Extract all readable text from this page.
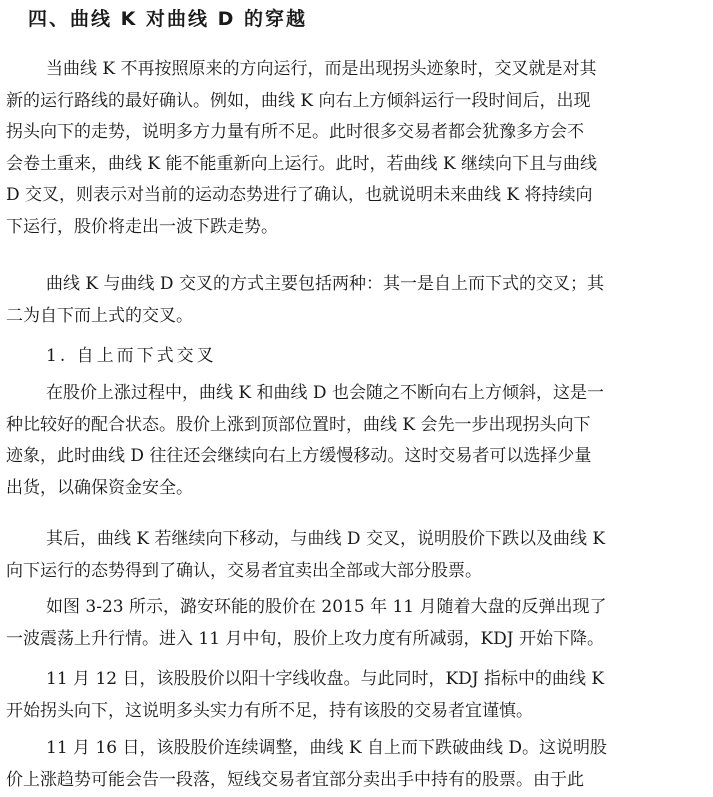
四、曲线 K 对曲线 D 的穿越
当曲线 K 不再按照原来的方向运行，而是出现拐头迹象时，交叉就是对其
新的运行路线的最好确认。例如，曲线 K 向右上方倾斜运行一段时间后，出现
拐头向下的走势，说明多方力量有所不足。此时很多交易者都会犹豫多方会不
会卷土重来，曲线 K 能不能重新向上运行。此时，若曲线 K 继续向下且与曲线
D 交叉，则表示对当前的运动态势进行了确认，也就说明未来曲线 K 将持续向
下运行，股价将走出一波下跌走势。
曲线 K 与曲线 D 交叉的方式主要包括两种：其一是自上而下式的交叉；其
二为自下而上式的交叉。
1. 自上而下式交叉
在股价上涨过程中，曲线 K 和曲线 D 也会随之不断向右上方倾斜，这是一
种比较好的配合状态。股价上涨到顶部位置时，曲线 K 会先一步出现拐头向下
迹象，此时曲线 D 往往还会继续向右上方缓慢移动。这时交易者可以选择少量
出货，以确保资金安全。
其后，曲线 K 若继续向下移动，与曲线 D 交叉，说明股价下跌以及曲线 K
向下运行的态势得到了确认，交易者宜卖出全部或大部分股票。
如图 3-23 所示，潞安环能的股价在 2015 年 11 月随着大盘的反弹出现了
一波震荡上升行情。进入 11 月中旬，股价上攻力度有所减弱，KDJ 开始下降。
11 月 12 日，该股股价以阳十字线收盘。与此同时，KDJ 指标中的曲线 K
开始拐头向下，这说明多头实力有所不足，持有该股的交易者宜谨慎。
11 月 16 日，该股股价连续调整，曲线 K 自上而下跌破曲线 D。这说明股
价上涨趋势可能会告一段落，短线交易者宜部分卖出手中持有的股票。由于此
